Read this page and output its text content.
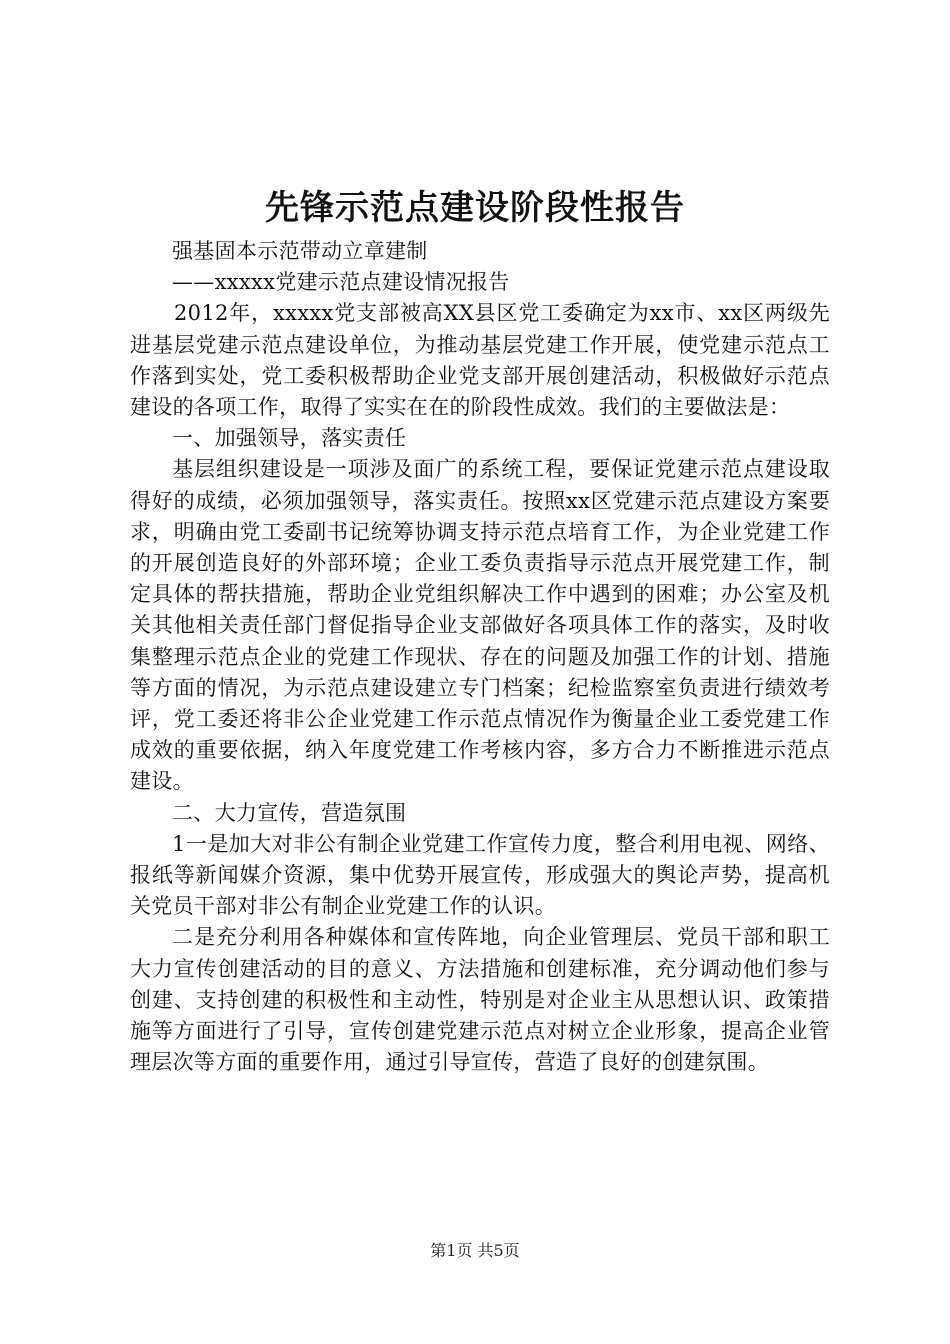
先锋示范点建设阶段性报告

强基固本示范带动立章建制

——xxxxx党建示范点建设情况报告

2012年，xxxxx党支部被高XX县区党工委确定为xx市、xx区两级先进基层党建示范点建设单位，为推动基层党建工作开展，使党建示范点工作落到实处，党工委积极帮助企业党支部开展创建活动，积极做好示范点建设的各项工作，取得了实实在在的阶段性成效。我们的主要做法是：

一、加强领导，落实责任

基层组织建设是一项涉及面广的系统工程，要保证党建示范点建设取得好的成绩，必须加强领导，落实责任。按照xx区党建示范点建设方案要求，明确由党工委副书记统筹协调支持示范点培育工作，为企业党建工作的开展创造良好的外部环境；企业工委负责指导示范点开展党建工作，制定具体的帮扶措施，帮助企业党组织解决工作中遇到的困难；办公室及机关其他相关责任部门督促指导企业支部做好各项具体工作的落实，及时收集整理示范点企业的党建工作现状、存在的问题及加强工作的计划、措施等方面的情况，为示范点建设建立专门档案；纪检监察室负责进行绩效考评，党工委还将非公企业党建工作示范点情况作为衡量企业工委党建工作成效的重要依据，纳入年度党建工作考核内容，多方合力不断推进示范点建设。

二、大力宣传，营造氛围

1一是加大对非公有制企业党建工作宣传力度，整合利用电视、网络、报纸等新闻媒介资源，集中优势开展宣传，形成强大的舆论声势，提高机关党员干部对非公有制企业党建工作的认识。

二是充分利用各种媒体和宣传阵地，向企业管理层、党员干部和职工大力宣传创建活动的目的意义、方法措施和创建标准，充分调动他们参与创建、支持创建的积极性和主动性，特别是对企业主从思想认识、政策措施等方面进行了引导，宣传创建党建示范点对树立企业形象，提高企业管理层次等方面的重要作用，通过引导宣传，营造了良好的创建氛围。

第1页 共5页
